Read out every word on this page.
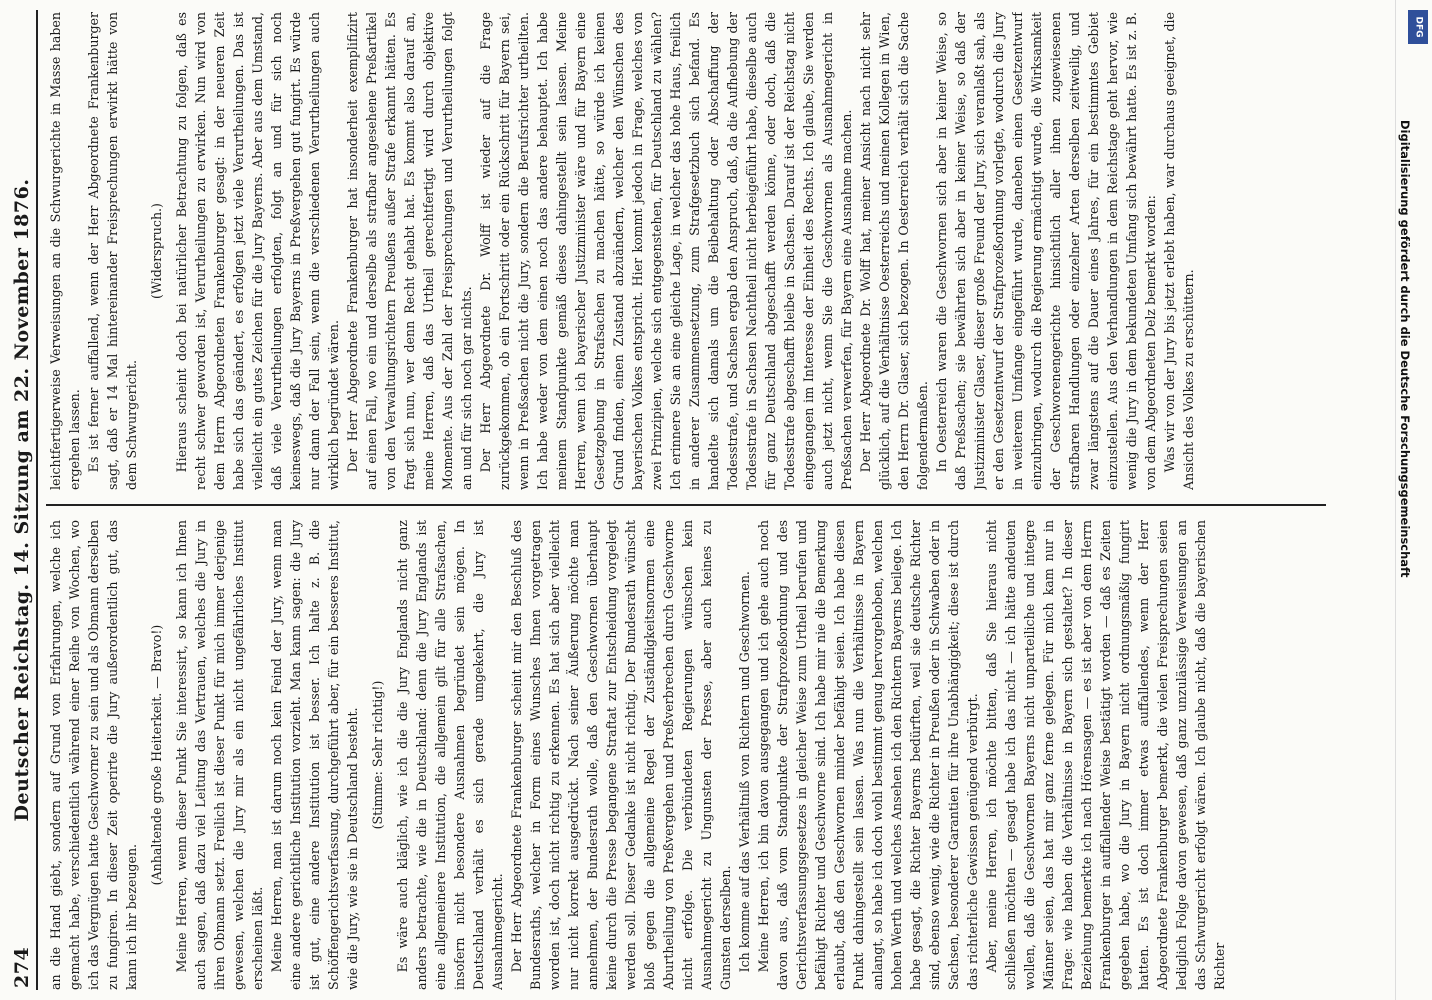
274
Deutscher Reichstag. 14. Sitzung am 22. November 1876. an die Hand giebt, sondern auf Grund von Erfahrungen, welche ich gemacht habe, verschiedentlich während einer Reihe von Wochen, wo ich das Vergnügen hatte Geschworner zu sein und als Obmann derselben zu fungiren. In dieser Zeit operirte die Jury außerordentlich gut, das kann ich ihr bezeugen.

(Anhaltende große Heiterkeit. — Bravo!) Meine Herren, wenn dieser Punkt Sie interessirt, so kann ich Ihnen auch sagen, daß dazu viel Leitung das Vertrauen, welches die Jury in ihren Obmann setzt. Freilich ist dieser Punkt für mich immer derjenige gewesen, welchen die Jury mir als ein nicht ungefährliches Institut erscheinen läßt. Meine Herren, man ist darum noch kein Feind der Jury, wenn man eine andere gerichtliche Institution vorzieht. Man kann sagen: die Jury ist gut, eine andere Institution ist besser. Ich halte z. B. die Schöffengerichtsverfassung, durchgeführt aber, für ein besseres Institut, wie die Jury, wie sie in Deutschland besteht. (Stimme: Sehr richtig!) Es wäre auch kläglich, wie ich die die Jury Englands nicht ganz anders betrachte, wie die in Deutschland: denn die Jury Englands ist eine allgemeinere Institution, die allgemein gilt für alle Strafsachen, insofern nicht besondere Ausnahmen begründet sein mögen. In Deutschland verhält es sich gerade umgekehrt, die Jury ist Ausnahmegericht. Der Herr Abgeordnete Frankenburger scheint mir den Beschluß des Bundesraths, welcher in Form eines Wunsches Ihnen vorgetragen worden ist, doch nicht richtig zu erkennen. Es hat sich aber vielleicht nur nicht korrekt ausgedrückt. Nach seiner Äußerung möchte man annehmen, der Bundesrath wolle, daß den Geschwornen überhaupt keine durch die Presse begangene Straftat zur Entscheidung vorgelegt werden soll. Dieser Gedanke ist nicht richtig. Der Bundesrath wünscht bloß gegen die allgemeine Regel der Zuständigkeitsnormen eine Aburtheilung von Preßvergehen und Preßverbrechen durch Geschworne nicht erfolge. Die verbündeten Regierungen wünschen kein Ausnahmegericht zu Ungunsten der Presse, aber auch keines zu Gunsten derselben. Ich komme auf das Verhältniß von Richtern und Geschwornen. Meine Herren, ich bin davon ausgegangen und ich gehe auch noch davon aus, daß vom Standpunkte der Strafprozeßordnung und des Gerichtsverfassungsgesetzes in gleicher Weise zum Urtheil berufen und befähigt Richter und Geschworne sind. Ich habe mir nie die Bemerkung erlaubt, daß den Geschwornen minder befähigt seien. Ich habe diesen Punkt dahingestellt sein lassen. Was nun die Verhältnisse in Bayern anlangt, so habe ich doch wohl bestimmt genug hervorgehoben, welchen hohen Werth und welches Ansehen ich den Richtern Bayerns beilege. Ich habe gesagt, die Richter Bayerns bedürften, weil sie deutsche Richter sind, ebenso wenig, wie die Richter in Preußen oder in Schwaben oder in Sachsen, besonderer Garantien für ihre Unabhängigkeit; diese ist durch das richterliche Gewissen genügend verbürgt. Aber, meine Herren, ich möchte bitten, daß Sie hieraus nicht schließen möchten — gesagt habe ich das nicht — ich hätte andeuten wollen, daß die Geschwornen Bayerns nicht unparteiliche und integre Männer seien, das hat mir ganz ferne gelegen. Für mich kam nur in Frage: wie haben die Verhältnisse in Bayern sich gestaltet? In dieser Beziehung bemerkte ich nach Hörensagen — es ist aber von dem Herrn Frankenburger in auffallender Weise bestätigt worden — daß es Zeiten gegeben habe, wo die Jury in Bayern nicht ordnungsmäßig fungirt hatten. Es ist doch immer etwas auffallendes, wenn der Herr Abgeordnete Frankenburger bemerkt, die vielen Freisprechungen seien lediglich Folge davon gewesen, daß ganz unzulässige Verweisungen an das Schwurgericht erfolgt wären. Ich glaube nicht, daß die bayerischen Richter

leichtfertigerweise Verweisungen an die Schwurgerichte in Masse haben ergehen lassen. Es ist ferner auffallend, wenn der Herr Abgeordnete Frankenburger sagt, daß er 14 Mal hintereinander Freisprechungen erwirkt hätte von dem Schwurgericht.

(Widerspruch.) Hieraus scheint doch bei natürlicher Betrachtung zu folgen, daß es recht schwer geworden ist, Verurtheilungen zu erwirken. Nun wird von dem Herrn Abgeordneten Frankenburger gesagt: in der neueren Zeit habe sich das geändert, es erfolgen jetzt viele Verurtheilungen. Das ist vielleicht ein gutes Zeichen für die Jury Bayerns. Aber aus dem Umstand, daß viele Verurtheilungen erfolgten, folgt an und für sich noch keineswegs, daß die Jury Bayerns in Preßvergehen gut fungirt. Es würde nur dann der Fall sein, wenn die verschiedenen Verurtheilungen auch wirklich begründet wären. Der Herr Abgeordnete Frankenburger hat insonderheit exemplifizirt auf einen Fall, wo ein und derselbe als strafbar angesehene Preßartikel von den Verwaltungsrichtern Preußens außer Strafe erkannt hätten. Es fragt sich nun, wer denn Recht gehabt hat. Es kommt also darauf an, meine Herren, daß das Urtheil gerechtfertigt wird durch objektive Momente. Aus der Zahl der Freisprechungen und Verurtheilungen folgt an und für sich noch gar nichts. Der Herr Abgeordnete Dr. Wolff ist wieder auf die Frage zurückgekommen, ob ein Fortschritt oder ein Rückschritt für Bayern sei, wenn in Preßsachen nicht die Jury, sondern die Berufsrichter urtheilten. Ich habe weder von dem einen noch das andere behauptet. Ich habe meinem Standpunkte gemäß dieses dahingestellt sein lassen. Meine Herren, wenn ich bayerischer Justizminister wäre und für Bayern eine Gesetzgebung in Strafsachen zu machen hätte, so würde ich keinen Grund finden, einen Zustand abzuändern, welcher den Wünschen des bayerischen Volkes entspricht. Hier kommt jedoch in Frage, welches von zwei Prinzipien, welche sich entgegenstehen, für Deutschland zu wählen? Ich erinnere Sie an eine gleiche Lage, in welcher das hohe Haus, freilich in anderer Zusammensetzung, zum Strafgesetzbuch sich befand. Es handelte sich damals um die Beibehaltung oder Abschaffung der Todesstrafe, und Sachsen ergab den Anspruch, daß, da die Aufhebung der Todesstrafe in Sachsen Nachtheil nicht herbeigeführt habe, dieselbe auch für ganz Deutschland abgeschafft werden könne, oder doch, daß die Todesstrafe abgeschafft bleibe in Sachsen. Darauf ist der Reichstag nicht eingegangen im Interesse der Einheit des Rechts. Ich glaube, Sie werden auch jetzt nicht, wenn Sie die Geschwornen als Ausnahmegericht in Preßsachen verwerfen, für Bayern eine Ausnahme machen. Der Herr Abgeordnete Dr. Wolff hat, meiner Ansicht nach nicht sehr glücklich, auf die Verhältnisse Oesterreichs und meinen Kollegen in Wien, den Herrn Dr. Glaser, sich bezogen. In Oesterreich verhält sich die Sache folgendermaßen. In Oesterreich waren die Geschwornen sich aber in keiner Weise, so daß Preßsachen; sie bewährten sich aber in keiner Weise, so daß der Justizminister Glaser, dieser große Freund der Jury, sich veranlaßt sah, als er den Gesetzentwurf der Strafprozeßordnung vorlegte, wodurch die Jury in weiterem Umfange eingeführt wurde, daneben einen Gesetzentwurf einzubringen, wodurch die Regierung ermächtigt wurde, die Wirksamkeit der Geschworenengerichte hinsichtlich aller ihnen zugewiesenen strafbaren Handlungen oder einzelner Arten derselben zeitweilig, und zwar längstens auf die Dauer eines Jahres, für ein bestimmtes Gebiet einzustellen. Aus den Verhandlungen in dem Reichstage geht hervor, wie wenig die Jury in dem bekundeten Umfang sich bewährt hatte. Es ist z. B. von dem Abgeordneten Delz bemerkt worden: Was wir von der Jury bis jetzt erlebt haben, war durchaus geeignet, die Ansicht des Volkes zu erschüttern.

DFG
Digitalisierung gefördert durch die Deutsche Forschungsgemeinschaft
